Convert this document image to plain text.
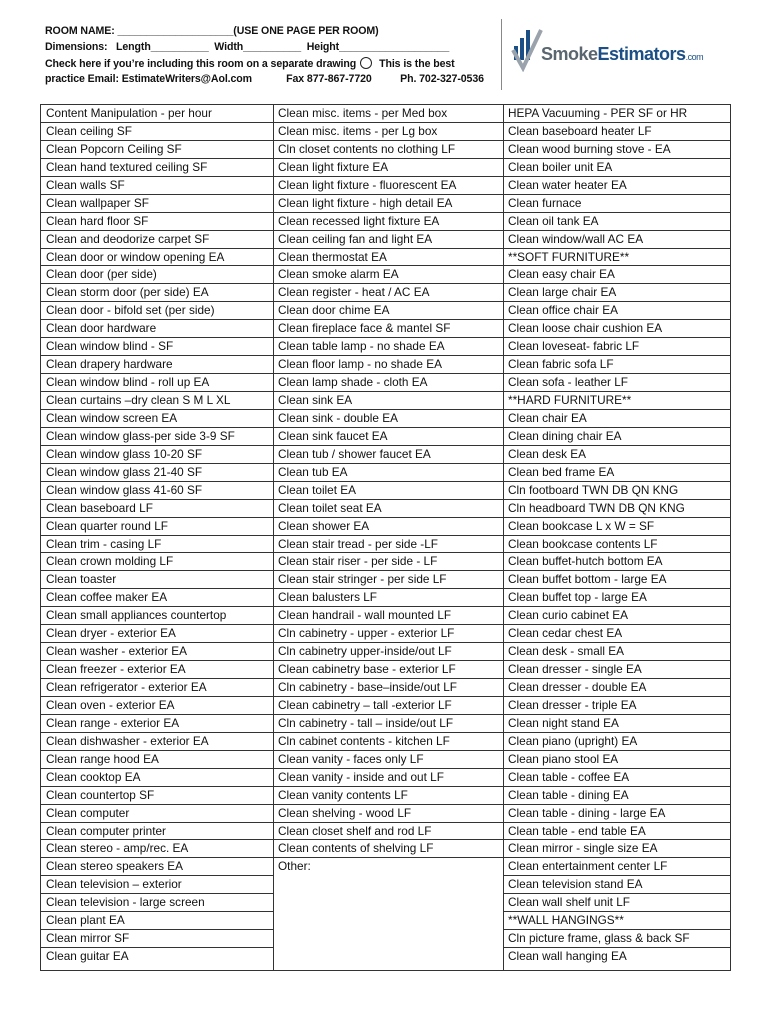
ROOM NAME: ____________________(USE ONE PAGE PER ROOM)
Dimensions:   Length__________  Width__________  Height___________________
Check here if you’re including this room on a separate drawing This is the best
practice Email: EstimateWriters@Aol.com            Fax 877-867-7720          Ph. 702-327-0536
SmokeEstimators.com
Content Manipulation - per hour
Clean ceiling SF
Clean Popcorn Ceiling SF
Clean hand textured ceiling SF
Clean walls SF
Clean wallpaper SF
Clean hard floor SF
Clean and deodorize carpet SF
Clean door or window opening EA
Clean door (per side)
Clean storm door (per side) EA
Clean door - bifold set (per side)
Clean door hardware
Clean window blind - SF
Clean drapery hardware
Clean window blind - roll up EA
Clean curtains –dry clean S M L XL
Clean window screen EA
Clean window glass-per side 3-9 SF
Clean window glass 10-20 SF
Clean window glass 21-40 SF
Clean window glass 41-60 SF
Clean baseboard LF
Clean quarter round LF
Clean trim - casing LF
Clean crown molding LF
Clean toaster
Clean coffee maker EA
Clean small appliances countertop
Clean dryer - exterior EA
Clean washer - exterior EA
Clean freezer - exterior EA
Clean refrigerator - exterior EA
Clean oven - exterior EA
Clean range - exterior EA
Clean dishwasher - exterior EA
Clean range hood EA
Clean cooktop EA
Clean countertop SF
Clean computer
Clean computer printer
Clean stereo - amp/rec. EA
Clean stereo speakers EA
Clean television – exterior
Clean television - large screen
Clean plant EA
Clean mirror SF
Clean guitar EA
Clean misc. items - per Med box
Clean misc. items - per Lg box
Cln closet contents no clothing LF
Clean light fixture EA
Clean light fixture - fluorescent EA
Clean light fixture - high detail EA
Clean recessed light fixture EA
Clean ceiling fan and light EA
Clean thermostat EA
Clean smoke alarm EA
Clean register - heat / AC EA
Clean door chime EA
Clean fireplace face & mantel SF
Clean table lamp - no shade EA
Clean floor lamp - no shade EA
Clean lamp shade - cloth EA
Clean sink EA
Clean sink - double EA
Clean sink faucet EA
Clean tub / shower faucet EA
Clean tub EA
Clean toilet EA
Clean toilet seat EA
Clean shower EA
Clean stair tread - per side -LF
Clean stair riser - per side - LF
Clean stair stringer - per side LF
Clean balusters LF
Clean handrail - wall mounted LF
Cln cabinetry - upper - exterior LF
Cln cabinetry upper-inside/out LF
Clean cabinetry base - exterior LF
Cln cabinetry - base–inside/out LF
Clean cabinetry – tall -exterior LF
Cln cabinetry - tall – inside/out LF
Cln cabinet contents - kitchen LF
Clean vanity - faces only LF
Clean vanity - inside and out LF
Clean vanity contents LF
Clean shelving - wood LF
Clean closet shelf and rod LF
Clean contents of shelving LF
Other:
HEPA Vacuuming - PER SF or HR
Clean baseboard heater LF
Clean wood burning stove - EA
Clean boiler unit EA
Clean water heater EA
Clean furnace
Clean oil tank EA
Clean window/wall AC EA
**SOFT FURNITURE**
Clean easy chair EA
Clean large chair EA
Clean office chair EA
Clean loose chair cushion EA
Clean loveseat- fabric LF
Clean fabric sofa LF
Clean sofa - leather LF
**HARD FURNITURE**
Clean chair EA
Clean dining chair EA
Clean desk EA
Clean bed frame EA
Cln footboard TWN DB QN KNG
Cln headboard TWN DB QN KNG
Clean bookcase L x W = SF
Clean bookcase contents LF
Clean buffet-hutch bottom EA
Clean buffet bottom - large EA
Clean buffet top - large EA
Clean curio cabinet EA
Clean cedar chest EA
Clean desk - small EA
Clean dresser - single EA
Clean dresser - double EA
Clean dresser - triple EA
Clean night stand EA
Clean piano (upright) EA
Clean piano stool EA
Clean table - coffee EA
Clean table - dining EA
Clean table - dining - large EA
Clean table - end table EA
Clean mirror - single size EA
Clean entertainment center LF
Clean television stand EA
Clean wall shelf unit LF
**WALL HANGINGS**
Cln picture frame, glass & back SF
Clean wall hanging EA
